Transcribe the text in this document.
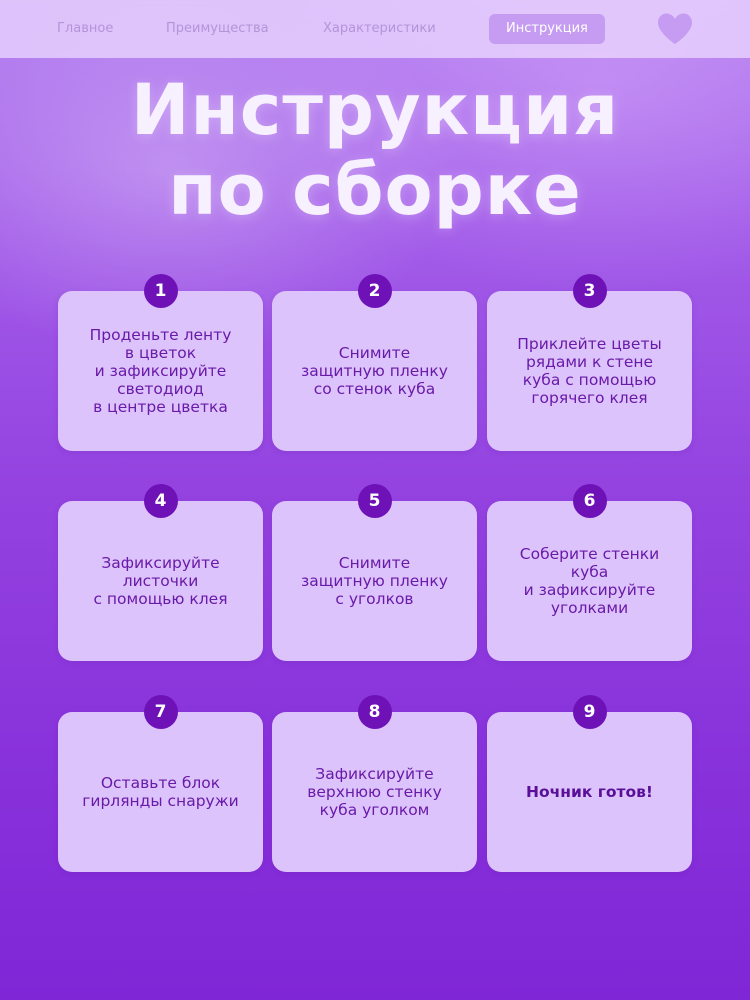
Главное	Преимущества	Характеристики	Инструкция
Инструкция
по сборке
1
Проденьте ленту
в цветок
и зафиксируйте
светодиод
в центре цветка
2
Снимите
защитную пленку
со стенок куба
3
Приклейте цветы
рядами к стене
куба с помощью
горячего клея
4
Зафиксируйте
листочки
с помощью клея
5
Снимите
защитную пленку
с уголков
6
Соберите стенки
куба
и зафиксируйте
уголками
7
Оставьте блок
гирлянды снаружи
8
Зафиксируйте
верхнюю стенку
куба уголком
9
Ночник готов!
